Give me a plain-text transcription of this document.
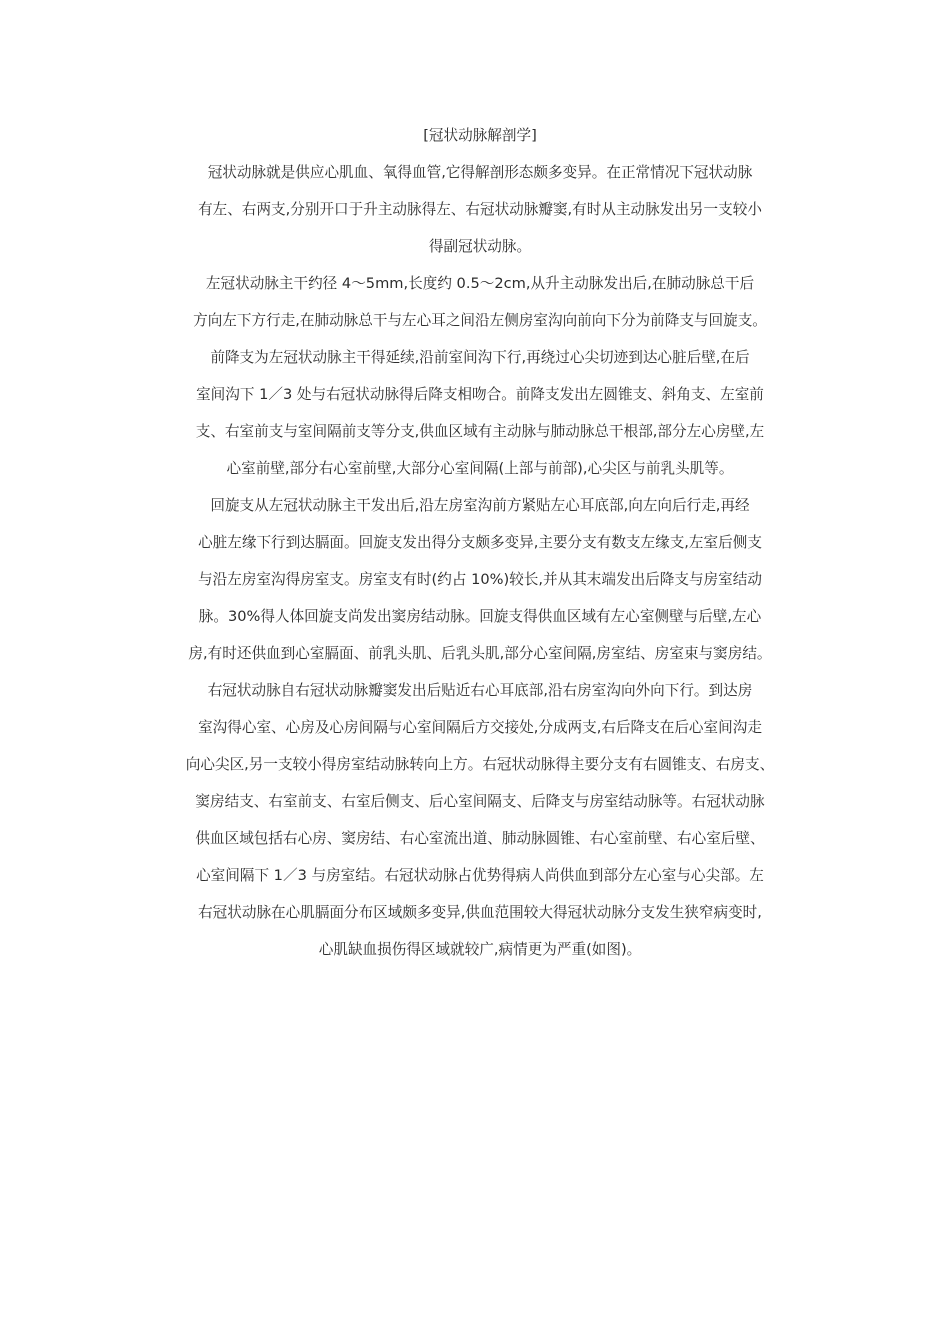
[冠状动脉解剖学]
冠状动脉就是供应心肌血、氧得血管,它得解剖形态颇多变异。在正常情况下冠状动脉
有左、右两支,分别开口于升主动脉得左、右冠状动脉瓣窦,有时从主动脉发出另一支较小
得副冠状动脉。
左冠状动脉主干约径 4～5mm,长度约 0.5～2cm,从升主动脉发出后,在肺动脉总干后
方向左下方行走,在肺动脉总干与左心耳之间沿左侧房室沟向前向下分为前降支与回旋支。
前降支为左冠状动脉主干得延续,沿前室间沟下行,再绕过心尖切迹到达心脏后壁,在后
室间沟下 1／3 处与右冠状动脉得后降支相吻合。前降支发出左圆锥支、斜角支、左室前
支、右室前支与室间隔前支等分支,供血区域有主动脉与肺动脉总干根部,部分左心房壁,左
心室前壁,部分右心室前壁,大部分心室间隔(上部与前部),心尖区与前乳头肌等。
回旋支从左冠状动脉主干发出后,沿左房室沟前方紧贴左心耳底部,向左向后行走,再经
心脏左缘下行到达膈面。回旋支发出得分支颇多变异,主要分支有数支左缘支,左室后侧支
与沿左房室沟得房室支。房室支有时(约占 10%)较长,并从其末端发出后降支与房室结动
脉。30%得人体回旋支尚发出窦房结动脉。回旋支得供血区域有左心室侧壁与后壁,左心
房,有时还供血到心室膈面、前乳头肌、后乳头肌,部分心室间隔,房室结、房室束与窦房结。
右冠状动脉自右冠状动脉瓣窦发出后贴近右心耳底部,沿右房室沟向外向下行。到达房
室沟得心室、心房及心房间隔与心室间隔后方交接处,分成两支,右后降支在后心室间沟走
向心尖区,另一支较小得房室结动脉转向上方。右冠状动脉得主要分支有右圆锥支、右房支、
窦房结支、右室前支、右室后侧支、后心室间隔支、后降支与房室结动脉等。右冠状动脉
供血区域包括右心房、窦房结、右心室流出道、肺动脉圆锥、右心室前壁、右心室后壁、
心室间隔下 1／3 与房室结。右冠状动脉占优势得病人尚供血到部分左心室与心尖部。左
右冠状动脉在心肌膈面分布区域颇多变异,供血范围较大得冠状动脉分支发生狭窄病变时,
心肌缺血损伤得区域就较广,病情更为严重(如图)。
